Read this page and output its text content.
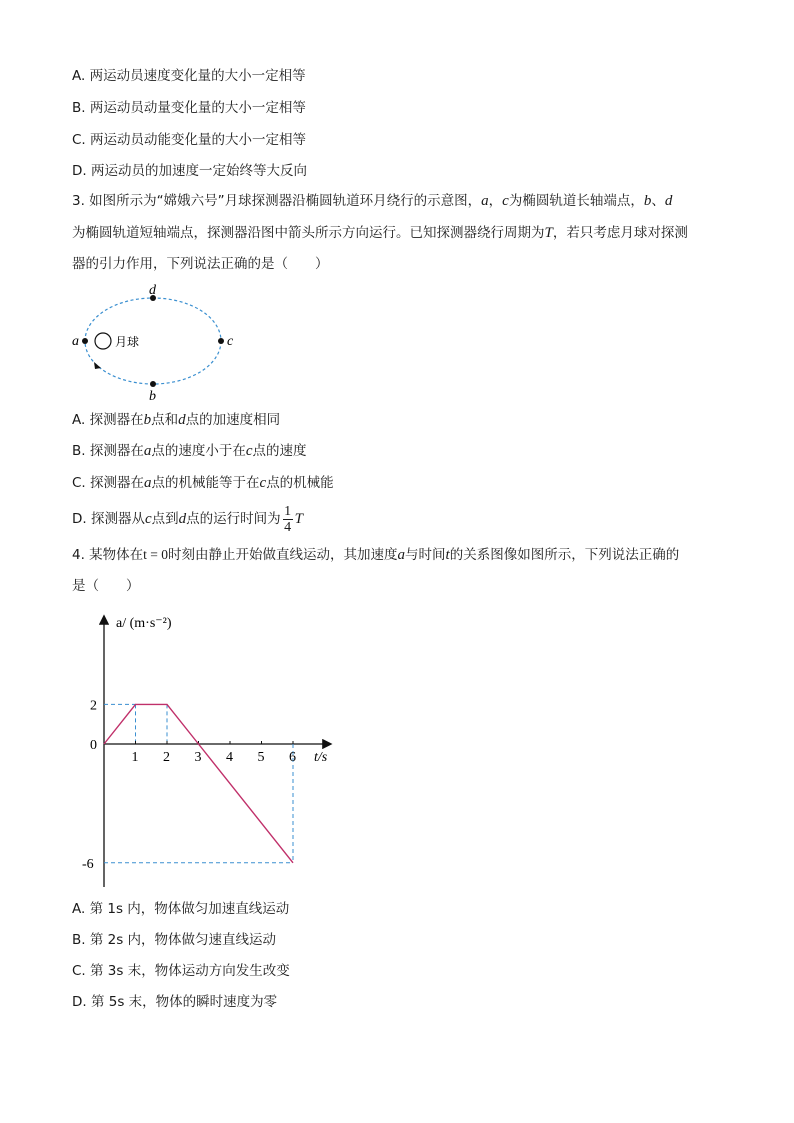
A. 两运动员速度变化量的大小一定相等
B. 两运动员动量变化量的大小一定相等
C. 两运动员动能变化量的大小一定相等
D. 两运动员的加速度一定始终等大反向
3. 如图所示为“嫦娥六号”月球探测器沿椭圆轨道环月绕行的示意图，a，c为椭圆轨道长轴端点，b、d
为椭圆轨道短轴端点，探测器沿图中箭头所示方向运行。已知探测器绕行周期为T，若只考虑月球对探测
器的引力作用，下列说法正确的是（　　）
d
a	c
b
月球
A. 探测器在b点和d点的加速度相同
B. 探测器在a点的速度小于在c点的速度
C. 探测器在a点的机械能等于在c点的机械能
D. 探测器从c点到d点的运行时间为 $\frac{1}{4}$ T
4. 某物体在t = 0时刻由静止开始做直线运动，其加速度a与时间t的关系图像如图所示，下列说法正确的
是（　　）
a/ (m·s⁻²)
t/s
1 2 3 4 5 6
2
0
-6
A. 第 1s 内，物体做匀加速直线运动
B. 第 2s 内，物体做匀速直线运动
C. 第 3s 末，物体运动方向发生改变
D. 第 5s 末，物体的瞬时速度为零
